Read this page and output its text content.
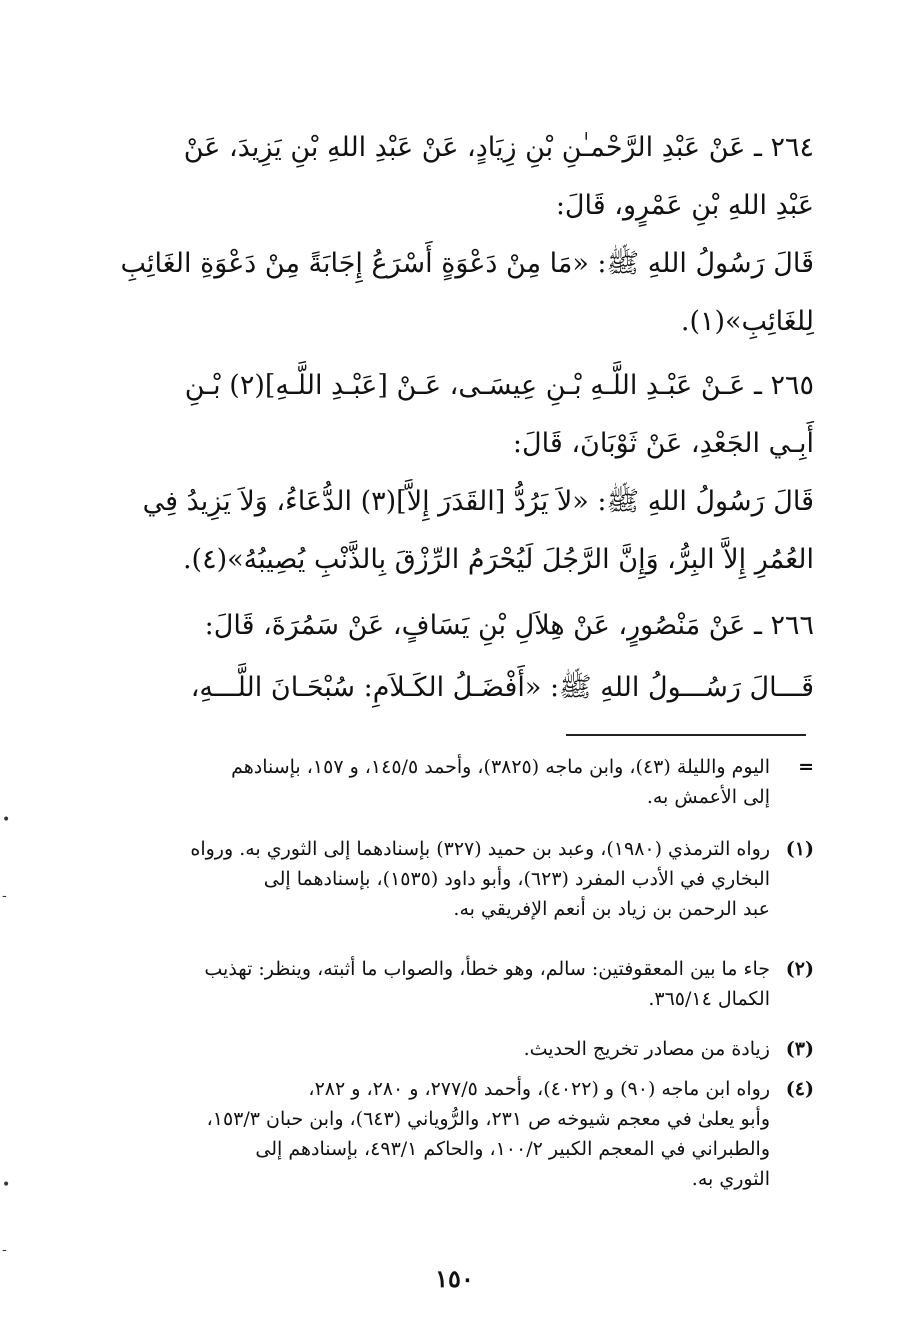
٢٦٤ ـ عَنْ عَبْدِ الرَّحْمـٰنِ بْنِ زِيَادٍ، عَنْ عَبْدِ اللهِ بْنِ يَزِيدَ، عَنْ
عَبْدِ اللهِ بْنِ عَمْرٍو، قَالَ:
قَالَ رَسُولُ اللهِ ﷺ: «مَا مِنْ دَعْوَةٍ أَسْرَعُ إِجَابَةً مِنْ دَعْوَةِ الغَائِبِ
لِلغَائِبِ»(١).
٢٦٥ ـ عَـنْ عَبْـدِ اللَّـهِ بْـنِ عِيسَـى، عَـنْ [عَبْـدِ اللَّـهِ](٢) بْـنِ
أَبِـي الجَعْدِ، عَنْ ثَوْبَانَ، قَالَ:
قَالَ رَسُولُ اللهِ ﷺ: «لاَ يَرُدُّ [القَدَرَ إِلاَّ](٣) الدُّعَاءُ، وَلاَ يَزِيدُ فِي
العُمُرِ إِلاَّ البِرُّ، وَإِنَّ الرَّجُلَ لَيُحْرَمُ الرِّزْقَ بِالذَّنْبِ يُصِيبُهُ»(٤).
٢٦٦ ـ عَنْ مَنْصُورٍ، عَنْ هِلاَلِ بْنِ يَسَافٍ، عَنْ سَمُرَةَ، قَالَ:
قَـــالَ رَسُـــولُ اللهِ ﷺ: «أَفْضَـلُ الكَـلاَمِ: سُبْحَـانَ اللَّـــهِ،
=
اليوم والليلة (٤٣)، وابن ماجه (٣٨٢٥)، وأحمد ١٤٥/٥، و ١٥٧، بإسنادهم
إلى الأعمش به.
(١)
رواه الترمذي (١٩٨٠)، وعبد بن حميد (٣٢٧) بإسنادهما إلى الثوري به. ورواه
البخاري في الأدب المفرد (٦٢٣)، وأبو داود (١٥٣٥)، بإسنادهما إلى
عبد الرحمن بن زياد بن أنعم الإفريقي به.
(٢)
جاء ما بين المعقوفتين: سالم، وهو خطأ، والصواب ما أثبته، وينظر: تهذيب
الكمال ٣٦٥/١٤.
(٣)
زيادة من مصادر تخريج الحديث.
(٤)
رواه ابن ماجه (٩٠) و (٤٠٢٢)، وأحمد ٢٧٧/٥، و ٢٨٠، و ٢٨٢،
وأبو يعلىٰ في معجم شيوخه ص ٢٣١، والرُّوياني (٦٤٣)، وابن حبان ١٥٣/٣،
والطبراني في المعجم الكبير ١٠٠/٢، والحاكم ٤٩٣/١، بإسنادهم إلى
الثوري به.
١٥٠
•
-
•
-
